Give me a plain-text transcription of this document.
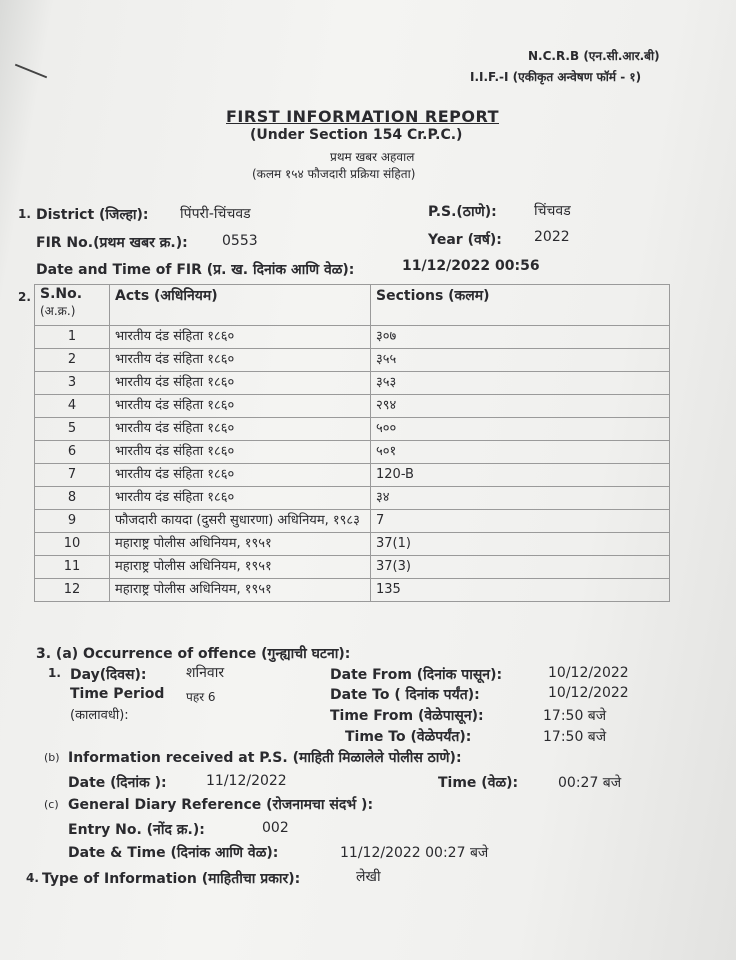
N.C.R.B (एन.सी.आर.बी)
I.I.F.-I (एकीकृत अन्वेषण फॉर्म - १)
FIRST INFORMATION REPORT
(Under Section 154 Cr.P.C.)
प्रथम खबर अहवाल
(कलम १५४ फौजदारी प्रक्रिया संहिता)
1. District (जिल्हा): पिंपरी-चिंचवड	P.S.(ठाणे):	चिंचवड
FIR No.(प्रथम खबर क्र.): 0553	Year (वर्ष): 2022
Date and Time of FIR (प्र. ख. दिनांक आणि वेळ):	11/12/2022 00:56
2. S.No.
(अ.क्र.)	Acts (अधिनियम)	Sections (कलम)
1	भारतीय दंड संहिता १८६०	३०७
2	भारतीय दंड संहिता १८६०	३५५
3	भारतीय दंड संहिता १८६०	३५३
4	भारतीय दंड संहिता १८६०	२९४
5	भारतीय दंड संहिता १८६०	५००
6	भारतीय दंड संहिता १८६०	५०१
7	भारतीय दंड संहिता १८६०	120-B
8	भारतीय दंड संहिता १८६०	३४
9	फौजदारी कायदा (दुसरी सुधारणा) अधिनियम, १९८३	7
10	महाराष्ट्र पोलीस अधिनियम, १९५१	37(1)
11	महाराष्ट्र पोलीस अधिनियम, १९५१	37(3)
12	महाराष्ट्र पोलीस अधिनियम, १९५१	135
3. (a) Occurrence of offence (गुन्ह्याची घटना):
1. Day(दिवस):	शनिवार
Time Period पहर 6
(कालावधी):
Date From (दिनांक पासून):	10/12/2022
Date To ( दिनांक पर्यंत):	10/12/2022
Time From (वेळेपासून):	17:50 बजे
Time To (वेळेपर्यंत):	17:50 बजे
(b) Information received at P.S. (माहिती मिळालेले पोलीस ठाणे):
Date (दिनांक ):	11/12/2022	Time (वेळ):	00:27 बजे
(c) General Diary Reference (रोजनामचा संदर्भ ):
Entry No. (नोंद क्र.):	002
Date & Time (दिनांक आणि वेळ):	11/12/2022 00:27 बजे
4. Type of Information (माहितीचा प्रकार):	लेखी
